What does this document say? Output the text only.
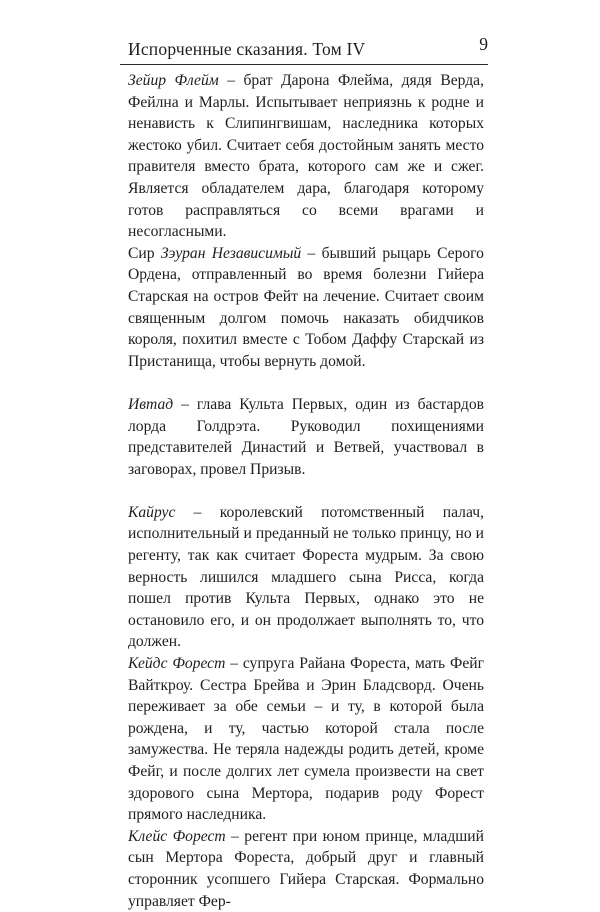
Испорченные сказания. Том IV	9

Зейир Флейм – брат Дарона Флейма, дядя Верда, Фейлна и Марлы. Испытывает неприязнь к родне и ненависть к Слипингвишам, наследника которых жестоко убил. Считает себя достойным занять место правителя вместо брата, которого сам же и сжег. Является обладателем дара, благодаря которому готов расправляться со всеми врагами и несогласными.

Сир Зэуран Независимый – бывший рыцарь Серого Ордена, отправленный во время болезни Гийера Старская на остров Фейт на лечение. Считает своим священным долгом помочь наказать обидчиков короля, похитил вместе с Тобом Даффу Старскай из Пристанища, чтобы вернуть домой.

Ивтад – глава Культа Первых, один из бастардов лорда Голдрэта. Руководил похищениями представителей Династий и Ветвей, участвовал в заговорах, провел Призыв.

Кайрус – королевский потомственный палач, исполнительный и преданный не только принцу, но и регенту, так как считает Фореста мудрым. За свою верность лишился младшего сына Рисса, когда пошел против Культа Первых, однако это не остановило его, и он продолжает выполнять то, что должен.

Кейдс Форест – супруга Райана Фореста, мать Фейг Вайткроу. Сестра Брейва и Эрин Бладсворд. Очень переживает за обе семьи – и ту, в которой была рождена, и ту, частью которой стала после замужества. Не теряла надежды родить детей, кроме Фейг, и после долгих лет сумела произвести на свет здорового сына Мертора, подарив роду Форест прямого наследника.

Клейс Форест – регент при юном принце, младший сын Мертора Фореста, добрый друг и главный сторонник усопшего Гийера Старская. Формально управляет Фер-
